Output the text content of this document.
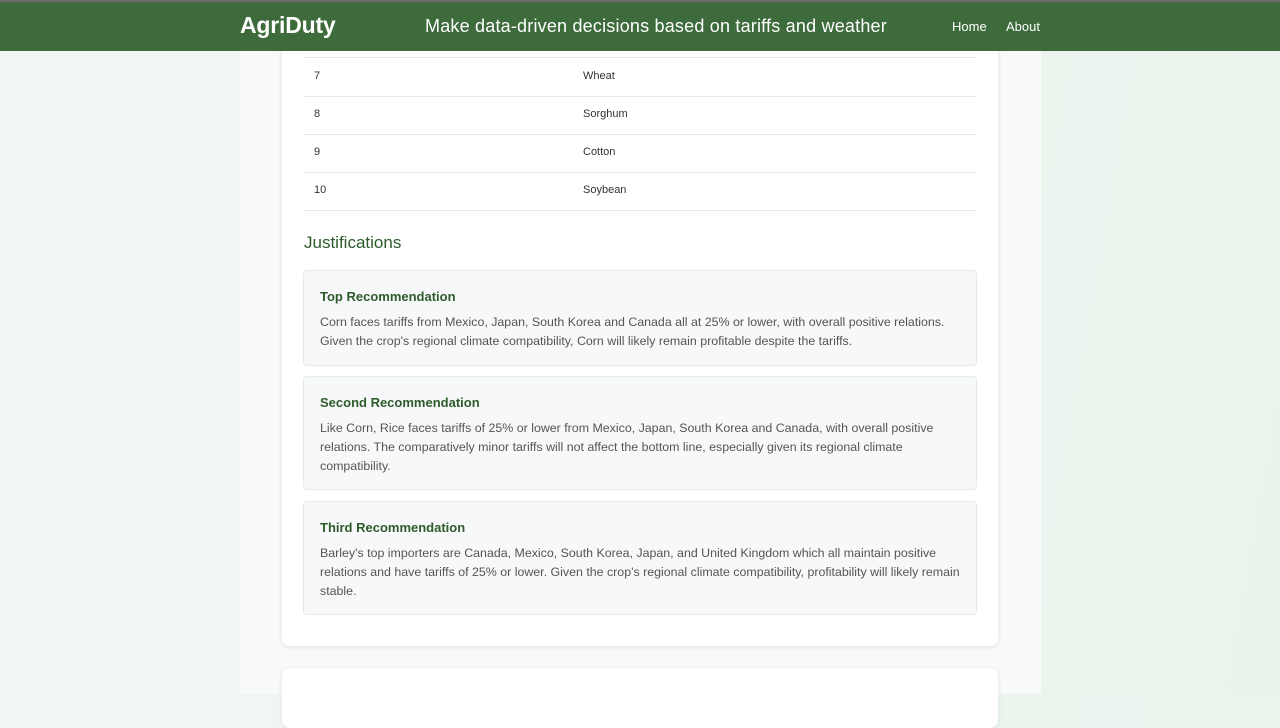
7	Wheat
8	Sorghum
9	Cotton
10	Soybean
Justifications
Top Recommendation
Corn faces tariffs from Mexico, Japan, South Korea and Canada all at 25% or lower, with overall positive relations. Given the crop's regional climate compatibility, Corn will likely remain profitable despite the tariffs.
Second Recommendation
Like Corn, Rice faces tariffs of 25% or lower from Mexico, Japan, South Korea and Canada, with overall positive relations. The comparatively minor tariffs will not affect the bottom line, especially given its regional climate compatibility.
Third Recommendation
Barley's top importers are Canada, Mexico, South Korea, Japan, and United Kingdom which all maintain positive relations and have tariffs of 25% or lower. Given the crop's regional climate compatibility, profitability will likely remain stable.
AgriDuty	Make data-driven decisions based on tariffs and weather	Home About
